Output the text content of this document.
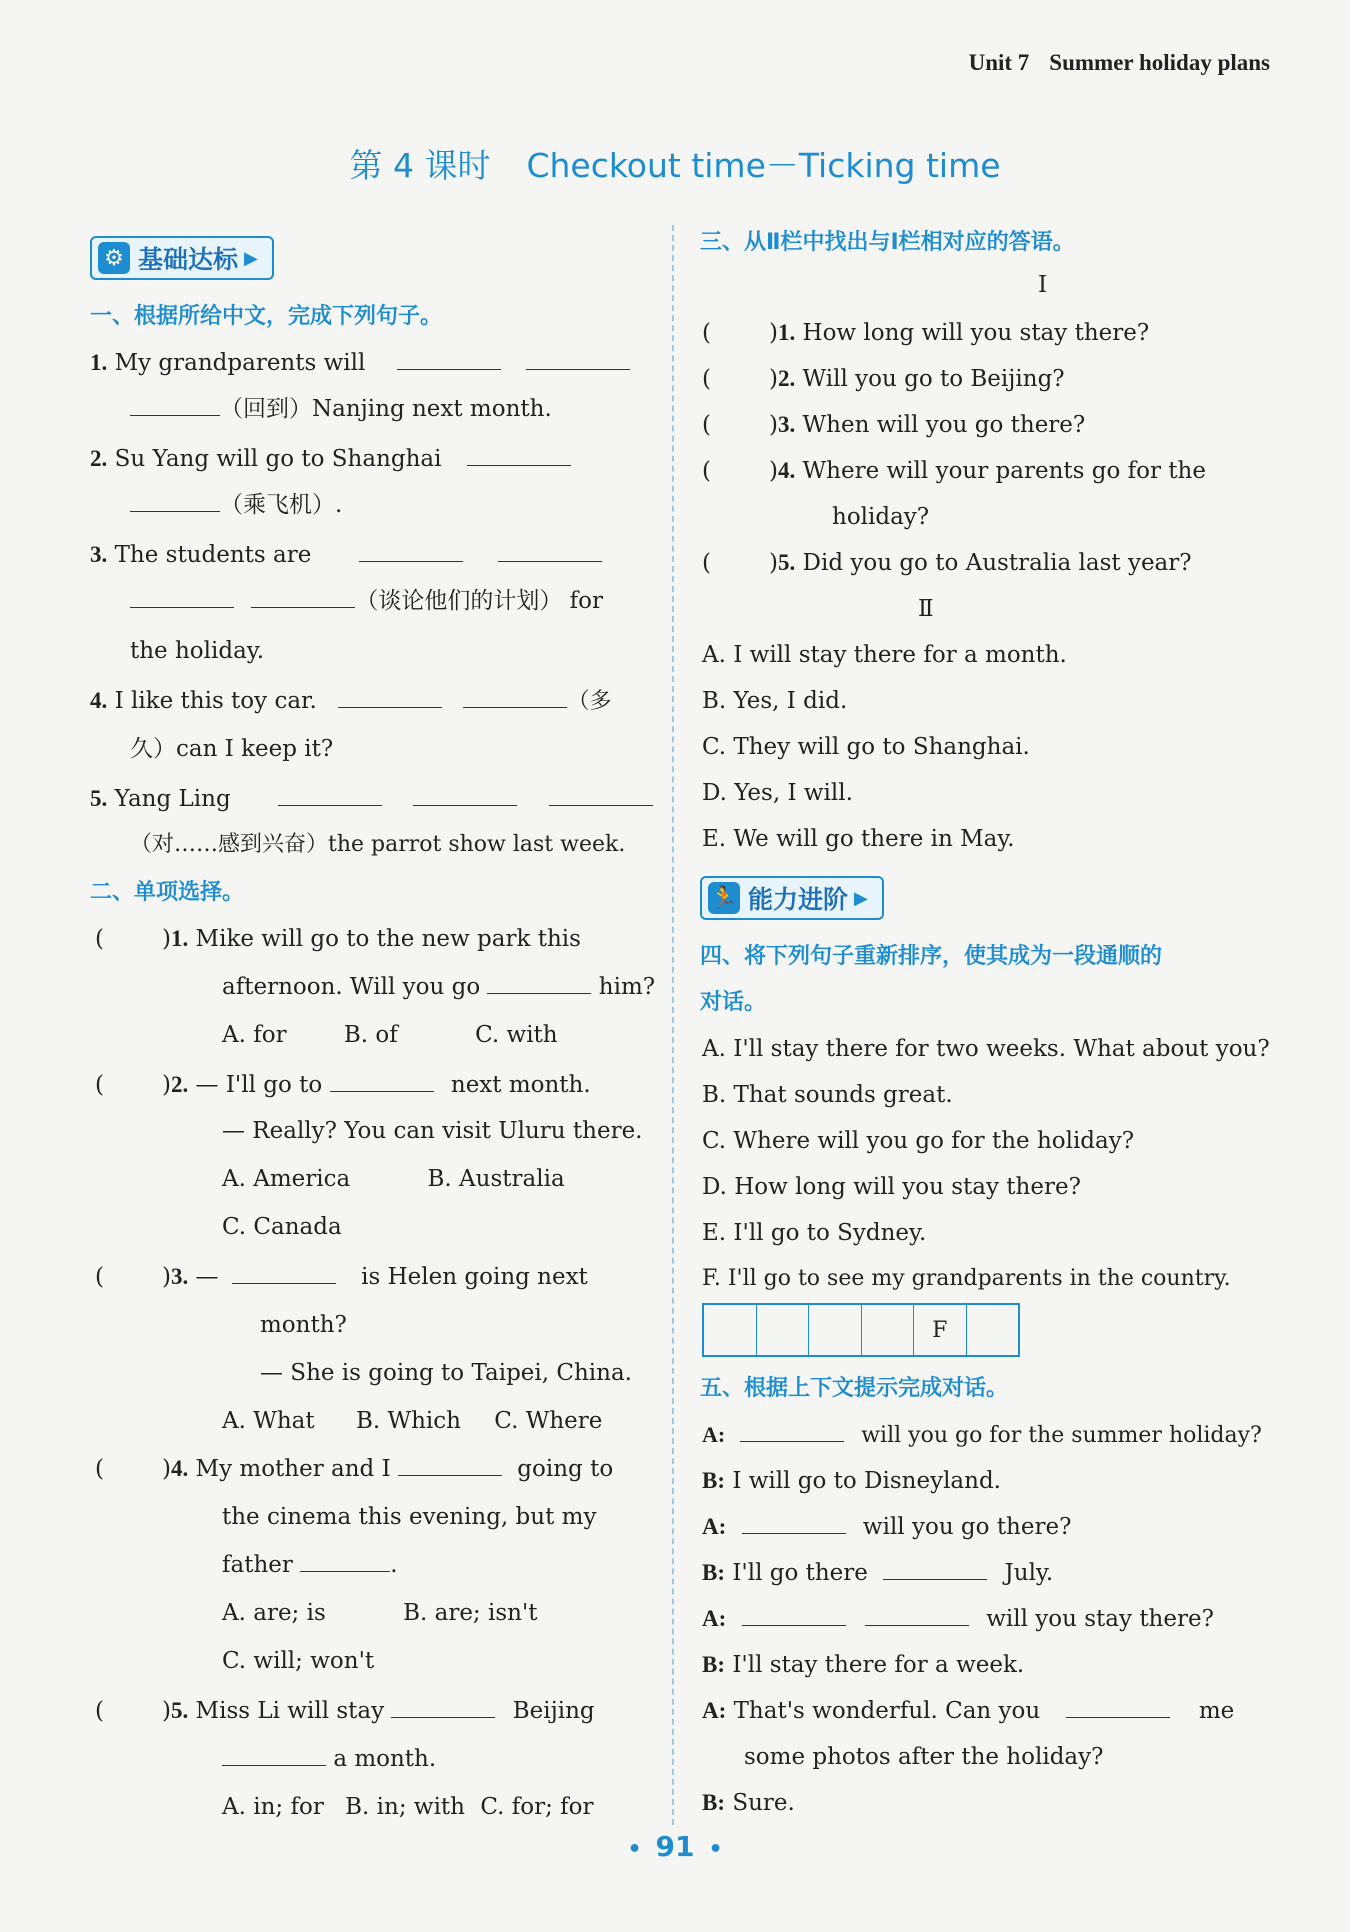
Unit 7 Summer holiday plans
第 4 课时 Checkout time－Ticking time
⚙ 基础达标 ▶
一、根据所给中文，完成下列句子。
1. My grandparents will
（回到）Nanjing next month.
2. Su Yang will go to Shanghai
（乘飞机）.
3. The students are
（谈论他们的计划） for
the holiday.
4. I like this toy car.	（多
久）can I keep it?
5. Yang Ling
（对……感到兴奋）the parrot show last week.
二、单项选择。
(	)1. Mike will go to the new park this
afternoon. Will you go	him?
A. for B. of	C. with
(	)2. — I'll go to	next month.
— Really? You can visit Uluru there.
A. America	B. Australia
C. Canada
(	)3. —	is Helen going next
month?
— She is going to Taipei, China.
A. What B. Which C. Where
(	)4. My mother and I	going to
the cinema this evening, but my
father	.
A. are; is	B. are; isn't
C. will; won't
(	)5. Miss Li will stay	Beijing
a month.
A. in; for B. in; with C. for; for
三、从Ⅱ栏中找出与Ⅰ栏相对应的答语。
Ⅰ
(	)1. How long will you stay there?
(	)2. Will you go to Beijing?
(	)3. When will you go there?
(	)4. Where will your parents go for the
holiday?
(	)5. Did you go to Australia last year?
Ⅱ
A. I will stay there for a month.
B. Yes, I did.
C. They will go to Shanghai.
D. Yes, I will.
E. We will go there in May.
🏃 能力进阶 ▶
四、将下列句子重新排序，使其成为一段通顺的
对话。
A. I'll stay there for two weeks. What about you?
B. That sounds great.
C. Where will you go for the holiday?
D. How long will you stay there?
E. I'll go to Sydney.
F. I'll go to see my grandparents in the country.
F
五、根据上下文提示完成对话。
A:	will you go for the summer holiday?
B: I will go to Disneyland.
A:	will you go there?
B: I'll go there	July.
A:	will you stay there?
B: I'll stay there for a week.
A: That's wonderful. Can you	me
some photos after the holiday?
B: Sure.
• 91 •
